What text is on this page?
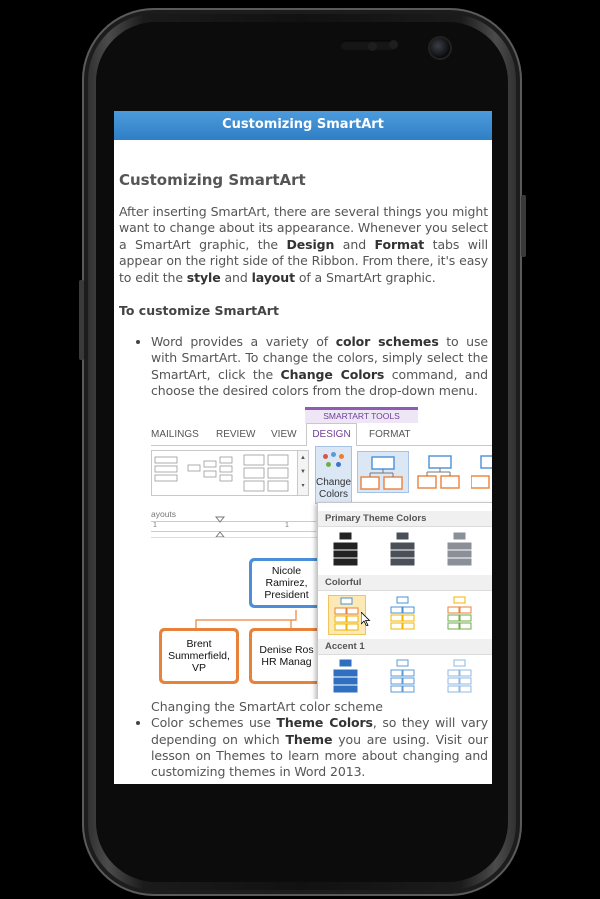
Customizing SmartArt
Customizing SmartArt

After inserting SmartArt, there are several things you might want to change about its appearance. Whenever you select a SmartArt graphic, the Design and Format tabs will appear on the right side of the Ribbon. From there, it's easy to edit the style and layout of a SmartArt graphic.

To customize SmartArt
• Word provides a variety of color schemes to use with SmartArt. To change the colors, simply select the SmartArt, click the Change Colors command, and choose the desired colors from the drop-down menu.
SMARTART TOOLS
MAILINGS REVIEW VIEW	FORMAT
DESIGN
▲
▼
▾	Change
Colors
ayouts
1	1
Nicole
Ramirez,
President
Brent
Summerfield,
VP
Denise Ros
HR Manag
Primary Theme Colors
Colorful
Accent 1
Changing the SmartArt color scheme
• Color schemes use Theme Colors, so they will vary depending on which Theme you are using. Visit our lesson on Themes to learn more about changing and customizing themes in Word 2013.
